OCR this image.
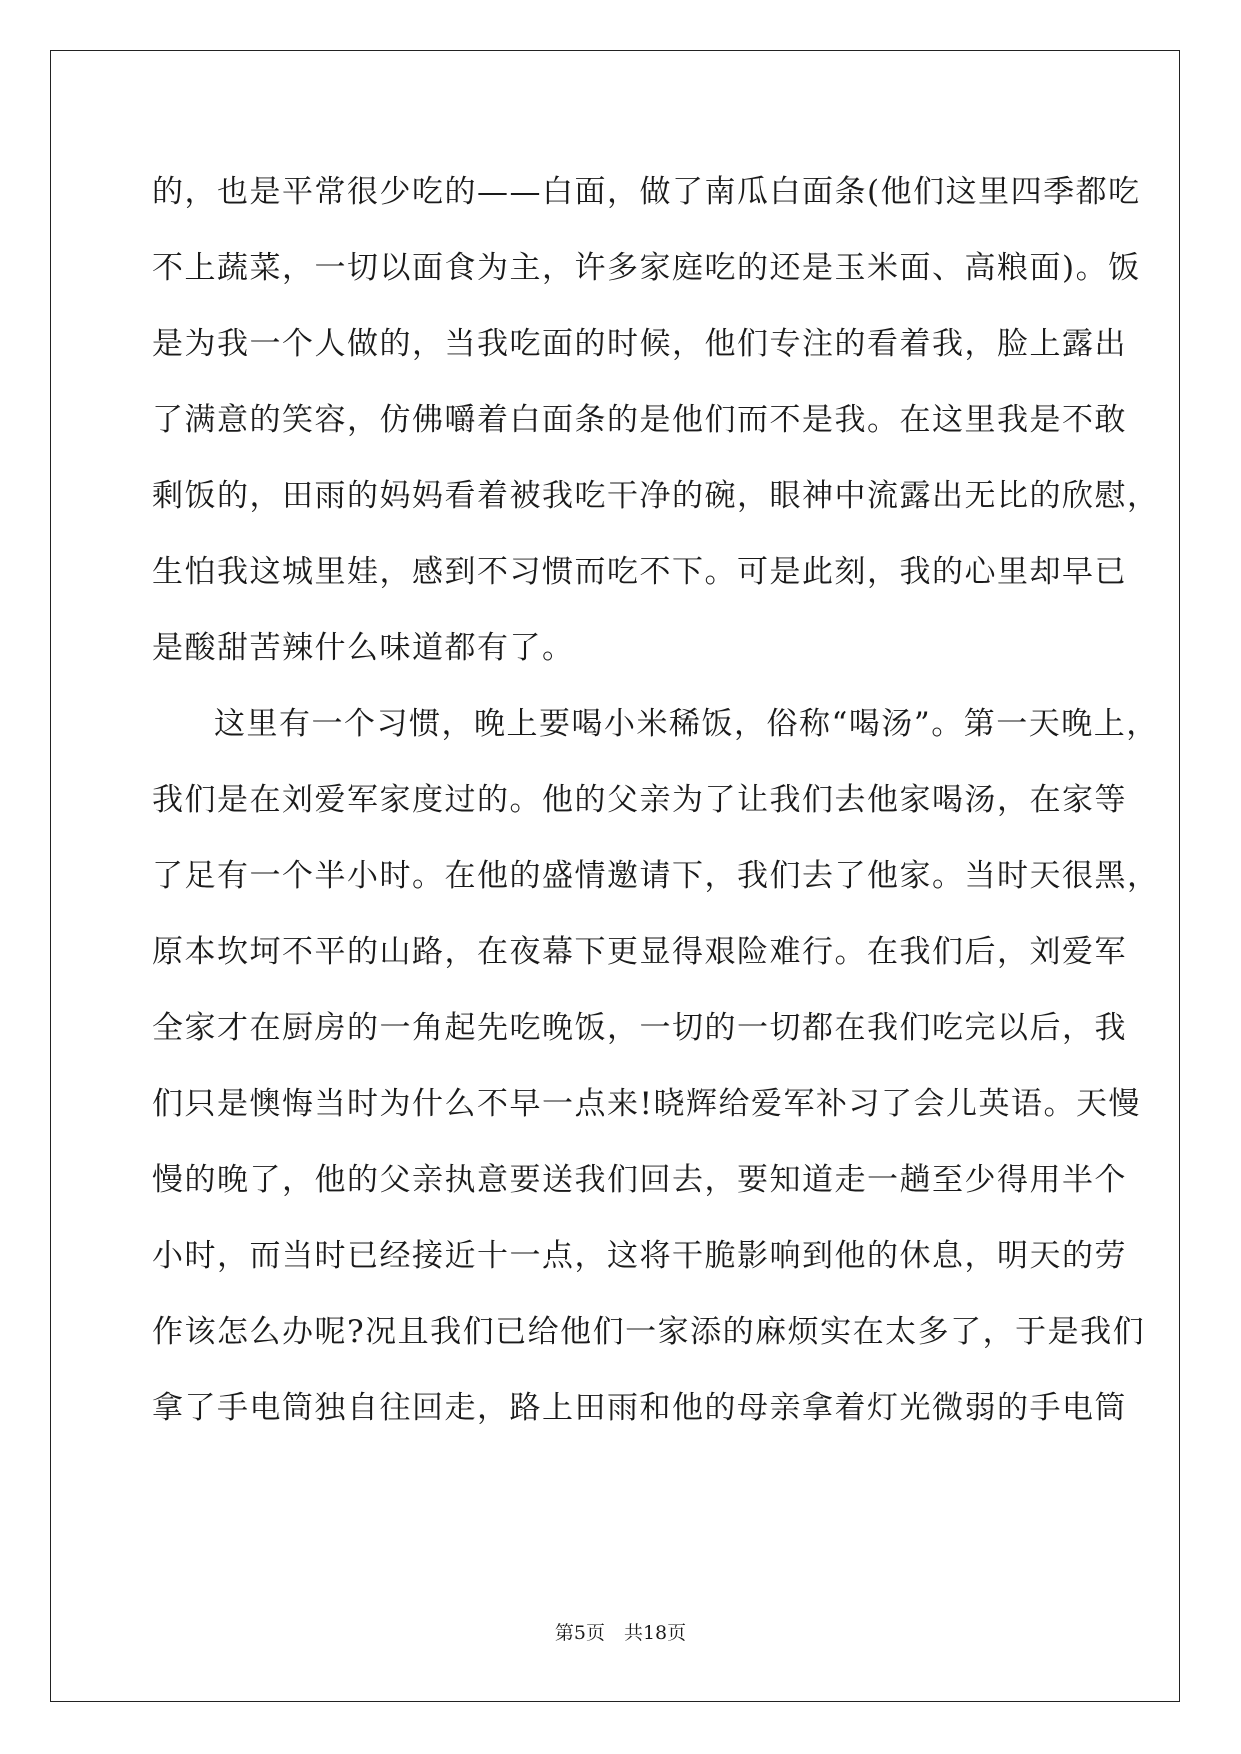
的，也是平常很少吃的——白面，做了南瓜白面条(他们这里四季都吃
不上蔬菜，一切以面食为主，许多家庭吃的还是玉米面、高粮面)。饭
是为我一个人做的，当我吃面的时候，他们专注的看着我，脸上露出
了满意的笑容，仿佛嚼着白面条的是他们而不是我。在这里我是不敢
剩饭的，田雨的妈妈看着被我吃干净的碗，眼神中流露出无比的欣慰，
生怕我这城里娃，感到不习惯而吃不下。可是此刻，我的心里却早已
是酸甜苦辣什么味道都有了。
这里有一个习惯，晚上要喝小米稀饭，俗称“喝汤”。第一天晚上，
我们是在刘爱军家度过的。他的父亲为了让我们去他家喝汤，在家等
了足有一个半小时。在他的盛情邀请下，我们去了他家。当时天很黑，
原本坎坷不平的山路，在夜幕下更显得艰险难行。在我们后，刘爱军
全家才在厨房的一角起先吃晚饭，一切的一切都在我们吃完以后，我
们只是懊悔当时为什么不早一点来!晓辉给爱军补习了会儿英语。天慢
慢的晚了，他的父亲执意要送我们回去，要知道走一趟至少得用半个
小时，而当时已经接近十一点，这将干脆影响到他的休息，明天的劳
作该怎么办呢?况且我们已给他们一家添的麻烦实在太多了，于是我们
拿了手电筒独自往回走，路上田雨和他的母亲拿着灯光微弱的手电筒
第5页　共18页
